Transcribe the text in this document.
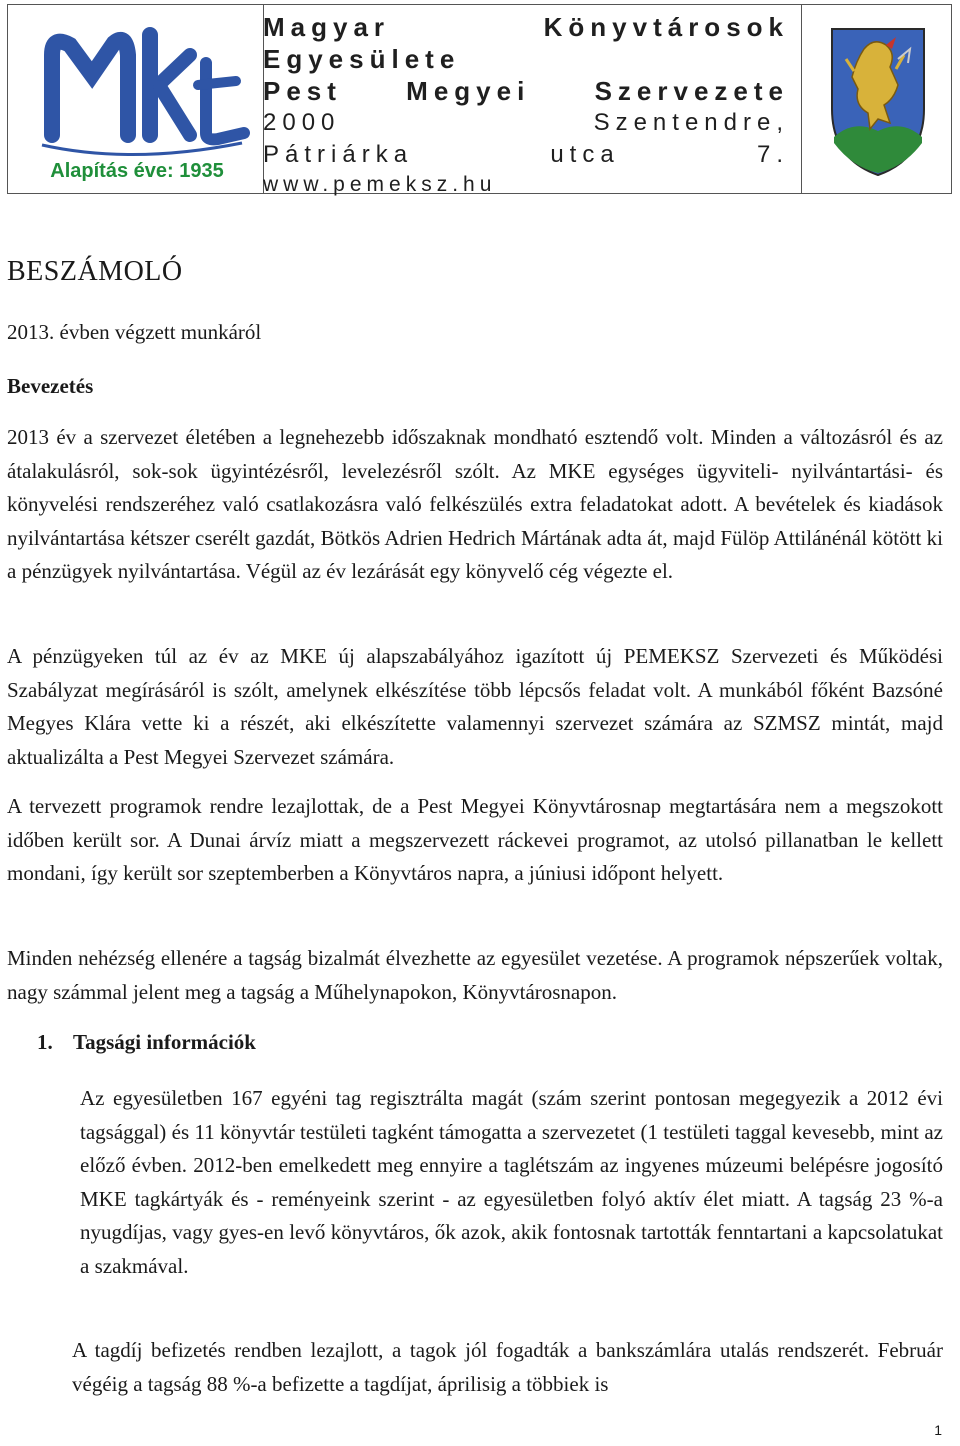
Alapítás éve: 1935
Magyar	Könyvtárosok
Egyesülete
Pest Megyei Szervezete
2000	Szentendre,
Pátriárka	utca	7.
www.pemeksz.hu
BESZÁMOLÓ
2013. évben végzett munkáról
Bevezetés

2013 év a szervezet életében a legnehezebb időszaknak mondható esztendő volt. Minden a változásról és az átalakulásról, sok-sok ügyintézésről, levelezésről szólt. Az MKE egységes ügyviteli- nyilvántartási- és könyvelési rendszeréhez való csatlakozásra való felkészülés extra feladatokat adott. A bevételek és kiadások nyilvántartása kétszer cserélt gazdát, Bötkös Adrien Hedrich Mártának adta át, majd Fülöp Attilánénál kötött ki a pénzügyek nyilvántartása. Végül az év lezárását egy könyvelő cég végezte el.

A pénzügyeken túl az év az MKE új alapszabályához igazított új PEMEKSZ Szervezeti és Működési Szabályzat megírásáról is szólt, amelynek elkészítése több lépcsős feladat volt. A munkából főként Bazsóné Megyes Klára vette ki a részét, aki elkészítette valamennyi szervezet számára az SZMSZ mintát, majd aktualizálta a Pest Megyei Szervezet számára.

A tervezett programok rendre lezajlottak, de a Pest Megyei Könyvtárosnap megtartására nem a megszokott időben került sor. A Dunai árvíz miatt a megszervezett ráckevei programot, az utolsó pillanatban le kellett mondani, így került sor szeptemberben a Könyvtáros napra, a júniusi időpont helyett.

Minden nehézség ellenére a tagság bizalmát élvezhette az egyesület vezetése. A programok népszerűek voltak, nagy számmal jelent meg a tagság a Műhelynapokon, Könyvtárosnapon.

1. Tagsági információk

Az egyesületben 167 egyéni tag regisztrálta magát (szám szerint pontosan megegyezik a 2012 évi tagsággal) és 11 könyvtár testületi tagként támogatta a szervezetet (1 testületi taggal kevesebb, mint az előző évben. 2012-ben emelkedett meg ennyire a taglétszám az ingyenes múzeumi belépésre jogosító MKE tagkártyák és - reményeink szerint - az egyesületben folyó aktív élet miatt. A tagság 23 %-a nyugdíjas, vagy gyes-en levő könyvtáros, ők azok, akik fontosnak tartották fenntartani a kapcsolatukat a szakmával.

A tagdíj befizetés rendben lezajlott, a tagok jól fogadták a bankszámlára utalás rendszerét. Február végéig a tagság 88 %-a befizette a tagdíjat, áprilisig a többiek is

1
